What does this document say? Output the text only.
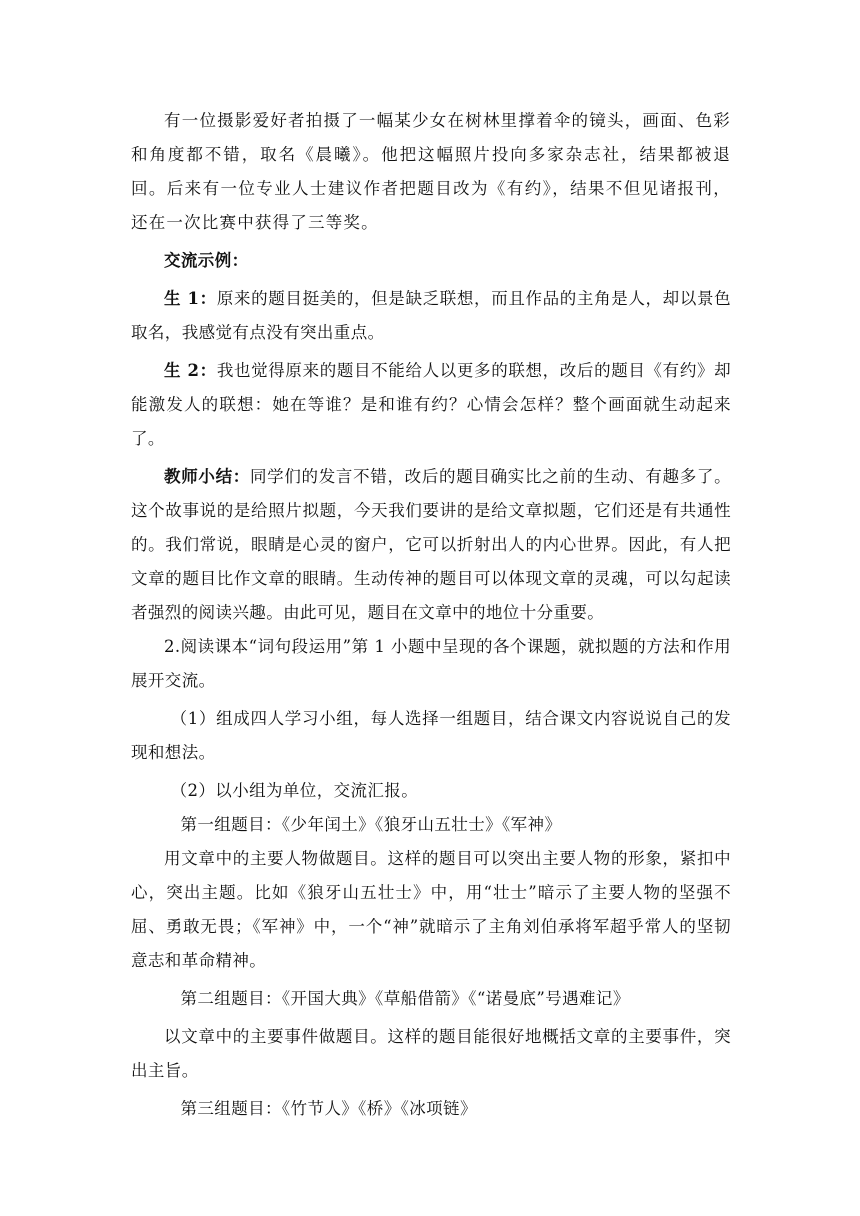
有一位摄影爱好者拍摄了一幅某少女在树林里撑着伞的镜头，画面、色彩和角度都不错，取名《晨曦》。他把这幅照片投向多家杂志社，结果都被退回。后来有一位专业人士建议作者把题目改为《有约》，结果不但见诸报刊，还在一次比赛中获得了三等奖。

交流示例：

生 1：原来的题目挺美的，但是缺乏联想，而且作品的主角是人，却以景色取名，我感觉有点没有突出重点。

生 2：我也觉得原来的题目不能给人以更多的联想，改后的题目《有约》却能激发人的联想：她在等谁？是和谁有约？心情会怎样？整个画面就生动起来了。

教师小结：同学们的发言不错，改后的题目确实比之前的生动、有趣多了。这个故事说的是给照片拟题，今天我们要讲的是给文章拟题，它们还是有共通性的。我们常说，眼睛是心灵的窗户，它可以折射出人的内心世界。因此，有人把文章的题目比作文章的眼睛。生动传神的题目可以体现文章的灵魂，可以勾起读者强烈的阅读兴趣。由此可见，题目在文章中的地位十分重要。

2.阅读课本“词句段运用”第 1 小题中呈现的各个课题，就拟题的方法和作用展开交流。

（1）组成四人学习小组，每人选择一组题目，结合课文内容说说自己的发现和想法。

（2）以小组为单位，交流汇报。

第一组题目：《少年闰土》《狼牙山五壮士》《军神》

用文章中的主要人物做题目。这样的题目可以突出主要人物的形象，紧扣中心，突出主题。比如《狼牙山五壮士》中，用“壮士”暗示了主要人物的坚强不屈、勇敢无畏；《军神》中，一个“神”就暗示了主角刘伯承将军超乎常人的坚韧意志和革命精神。

第二组题目：《开国大典》《草船借箭》《“诺曼底”号遇难记》

以文章中的主要事件做题目。这样的题目能很好地概括文章的主要事件，突出主旨。

第三组题目：《竹节人》《桥》《冰项链》
